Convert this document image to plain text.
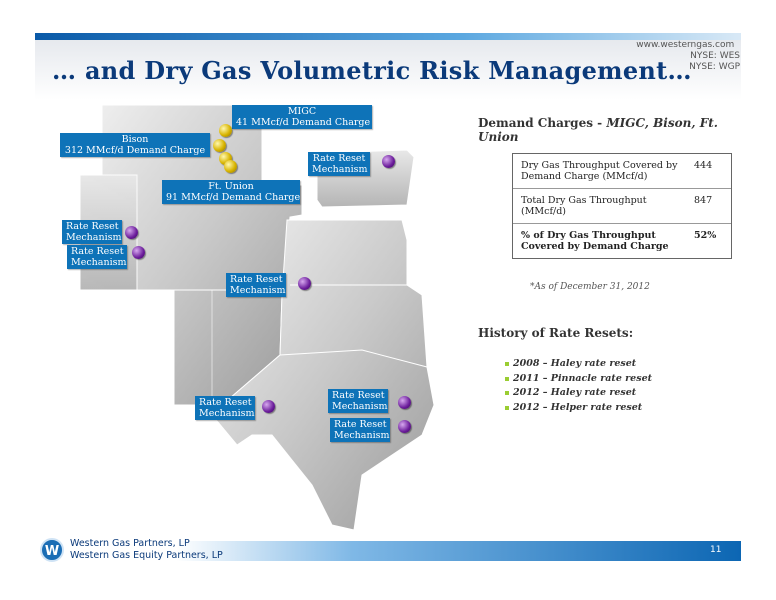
www.westerngas.com   NYSE: WES
NYSE: WGP
… and Dry Gas Volumetric Risk Management…
MIGC
41 MMcf/d Demand Charge
Bison
312 MMcf/d Demand Charge
Ft. Union
91 MMcf/d Demand Charge
Rate Reset
Mechanism
Rate Reset
Mechanism
Rate Reset
Mechanism
Rate Reset
Mechanism
Rate Reset
Mechanism
Rate Reset
Mechanism
Rate Reset
Mechanism
Demand Charges - MIGC, Bison, Ft. Union
Dry Gas Throughput Covered by Demand Charge (MMcf/d)
444
Total Dry Gas Throughput (MMcf/d)
847
% of Dry Gas Throughput Covered by Demand Charge
52%
*As of December 31, 2012
History of Rate Resets:
2008 – Haley rate reset
2011 – Pinnacle rate reset
2012 – Haley rate reset
2012 – Helper rate reset
W
Western Gas Partners, LP
Western Gas Equity Partners, LP	11
